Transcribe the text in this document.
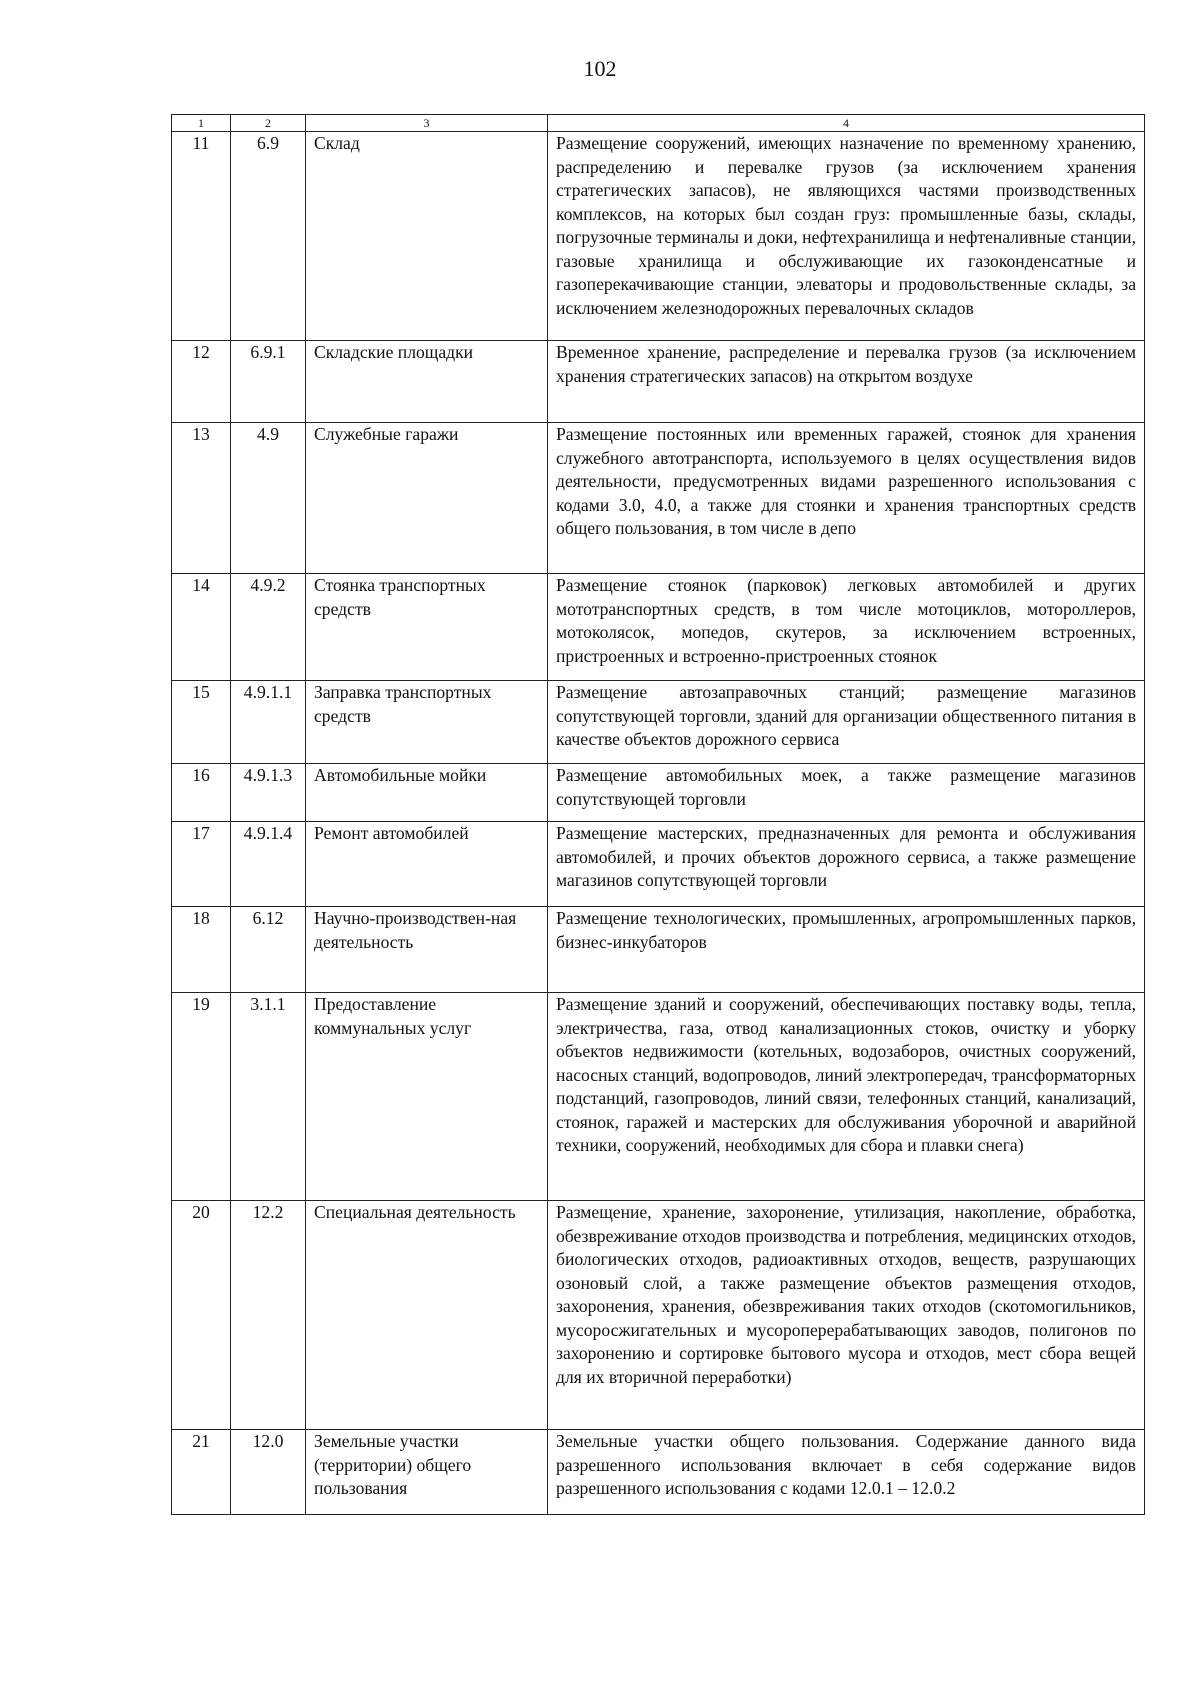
102
1	2	3	4
11	6.9	Склад	Размещение сооружений, имеющих назначение по временному хранению, распределению и перевалке грузов (за исключением хранения стратегических запасов), не являющихся частями производственных комплексов, на которых был создан груз: промышленные базы, склады, погрузочные терминалы и доки, нефтехранилища и нефтеналивные станции, газовые хранилища и обслуживающие их газоконденсатные и газоперекачивающие станции, элеваторы и продовольственные склады, за исключением железнодорожных перевалочных складов
12	6.9.1	Складские площадки	Временное хранение, распределение и перевалка грузов (за исключением хранения стратегических запасов) на открытом воздухе
13	4.9	Служебные гаражи	Размещение постоянных или временных гаражей, стоянок для хранения служебного автотранспорта, используемого в целях осуществления видов деятельности, предусмотренных видами разрешенного использования с кодами 3.0, 4.0, а также для стоянки и хранения транспортных средств общего пользования, в том числе в депо
14	4.9.2	Стоянка транспортных средств	Размещение стоянок (парковок) легковых автомобилей и других мототранспортных средств, в том числе мотоциклов, мотороллеров, мотоколясок, мопедов, скутеров, за исключением встроенных, пристроенных и встроенно-пристроенных стоянок
15	4.9.1.1	Заправка транспортных средств	Размещение автозаправочных станций; размещение магазинов сопутствующей торговли, зданий для организации общественного питания в качестве объектов дорожного сервиса
16	4.9.1.3	Автомобильные мойки	Размещение автомобильных моек, а также размещение магазинов сопутствующей торговли
17	4.9.1.4	Ремонт автомобилей	Размещение мастерских, предназначенных для ремонта и обслуживания автомобилей, и прочих объектов дорожного сервиса, а также размещение магазинов сопутствующей торговли
18	6.12	Научно-производствен-ная деятельность	Размещение технологических, промышленных, агропромышленных парков, бизнес-инкубаторов
19	3.1.1	Предоставление коммунальных услуг	Размещение зданий и сооружений, обеспечивающих поставку воды, тепла, электричества, газа, отвод канализационных стоков, очистку и уборку объектов недвижимости (котельных, водозаборов, очистных сооружений, насосных станций, водопроводов, линий электропередач, трансформаторных подстанций, газопроводов, линий связи, телефонных станций, канализаций, стоянок, гаражей и мастерских для обслуживания уборочной и аварийной техники, сооружений, необходимых для сбора и плавки снега)
20	12.2	Специальная деятельность	Размещение, хранение, захоронение, утилизация, накопление, обработка, обезвреживание отходов производства и потребления, медицинских отходов, биологических отходов, радиоактивных отходов, веществ, разрушающих озоновый слой, а также размещение объектов размещения отходов, захоронения, хранения, обезвреживания таких отходов (скотомогильников, мусоросжигательных и мусороперерабатывающих заводов, полигонов по захоронению и сортировке бытового мусора и отходов, мест сбора вещей для их вторичной переработки)
21	12.0	Земельные участки (территории) общего пользования	Земельные участки общего пользования. Содержание данного вида разрешенного использования включает в себя содержание видов разрешенного использования с кодами 12.0.1 – 12.0.2
